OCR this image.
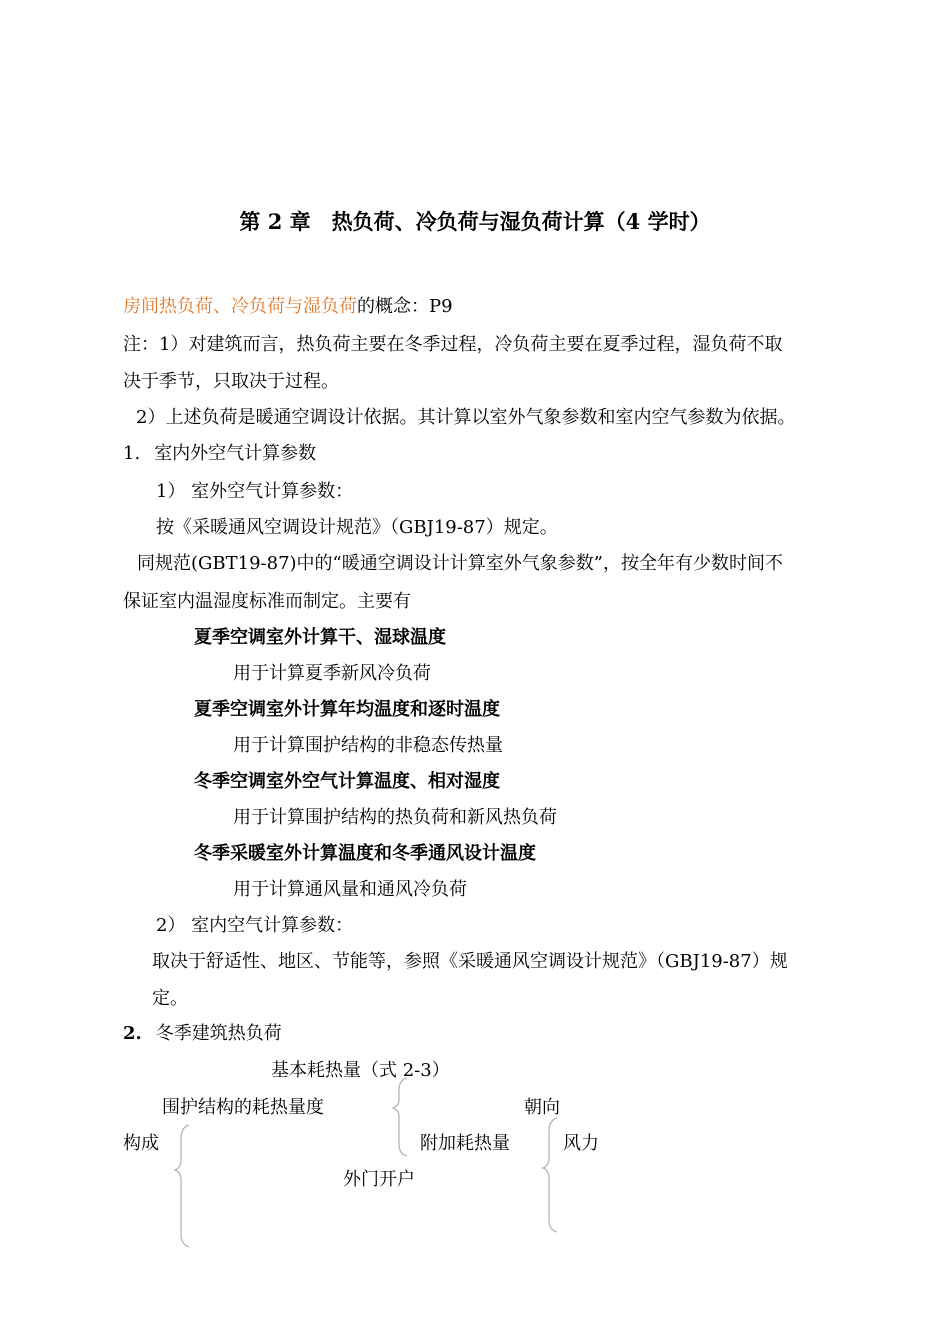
第 2 章　热负荷、冷负荷与湿负荷计算（4 学时）
房间热负荷、冷负荷与湿负荷的概念：P9
注：1）对建筑而言，热负荷主要在冬季过程，冷负荷主要在夏季过程，湿负荷不取
决于季节，只取决于过程。
2）上述负荷是暖通空调设计依据。其计算以室外气象参数和室内空气参数为依据。
1. 室内外空气计算参数
1） 室外空气计算参数：
按《采暖通风空调设计规范》（GBJ19-87）规定。
同规范(GBT19-87)中的“暖通空调设计计算室外气象参数”，按全年有少数时间不
保证室内温湿度标准而制定。主要有
夏季空调室外计算干、湿球温度
用于计算夏季新风冷负荷
夏季空调室外计算年均温度和逐时温度
用于计算围护结构的非稳态传热量
冬季空调室外空气计算温度、相对湿度
用于计算围护结构的热负荷和新风热负荷
冬季采暖室外计算温度和冬季通风设计温度
用于计算通风量和通风冷负荷
2） 室内空气计算参数：
取决于舒适性、地区、节能等，参照《采暖通风空调设计规范》（GBJ19-87）规
定。
2. 冬季建筑热负荷
基本耗热量（式 2-3）
围护结构的耗热量度	朝向
构成	附加耗热量	风力
外门开户
